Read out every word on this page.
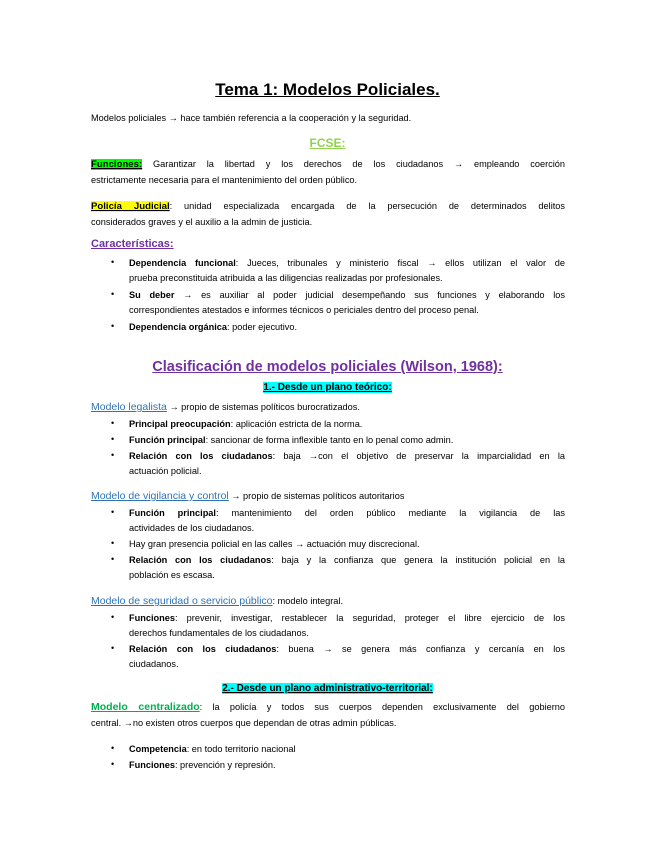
Tema 1: Modelos Policiales.
Modelos policiales → hace también referencia a la cooperación y la seguridad.
FCSE:
Funciones: Garantizar la libertad y los derechos de los ciudadanos → empleando coerción
estrictamente necesaria para el mantenimiento del orden público.
Policía Judicial: unidad especializada encargada de la persecución de determinados delitos
considerados graves y el auxilio a la admin de justicia.
Características:
• Dependencia funcional: Jueces, tribunales y ministerio fiscal → ellos utilizan el valor de
prueba preconstituida atribuida a las diligencias realizadas por profesionales.
• Su deber → es auxiliar al poder judicial desempeñando sus funciones y elaborando los
correspondientes atestados e informes técnicos o periciales dentro del proceso penal.
• Dependencia orgánica: poder ejecutivo.
Clasificación de modelos policiales (Wilson, 1968):
1.- Desde un plano teórico:
Modelo legalista → propio de sistemas políticos burocratizados.
• Principal preocupación: aplicación estricta de la norma.
• Función principal: sancionar de forma inflexible tanto en lo penal como admin.
• Relación con los ciudadanos: baja →con el objetivo de preservar la imparcialidad en la
actuación policial.
Modelo de vigilancia y control → propio de sistemas políticos autoritarios
• Función principal: mantenimiento del orden público mediante la vigilancia de las
actividades de los ciudadanos.
• Hay gran presencia policial en las calles → actuación muy discrecional.
• Relación con los ciudadanos: baja y la confianza que genera la institución policial en la
población es escasa.
Modelo de seguridad o servicio público: modelo integral.
• Funciones: prevenir, investigar, restablecer la seguridad, proteger el libre ejercicio de los
derechos fundamentales de los ciudadanos.
• Relación con los ciudadanos: buena → se genera más confianza y cercanía en los
ciudadanos.
2.- Desde un plano administrativo-territorial:
Modelo centralizado: la policía y todos sus cuerpos dependen exclusivamente del gobierno
central. →no existen otros cuerpos que dependan de otras admin públicas.
• Competencia: en todo territorio nacional
• Funciones: prevención y represión.
